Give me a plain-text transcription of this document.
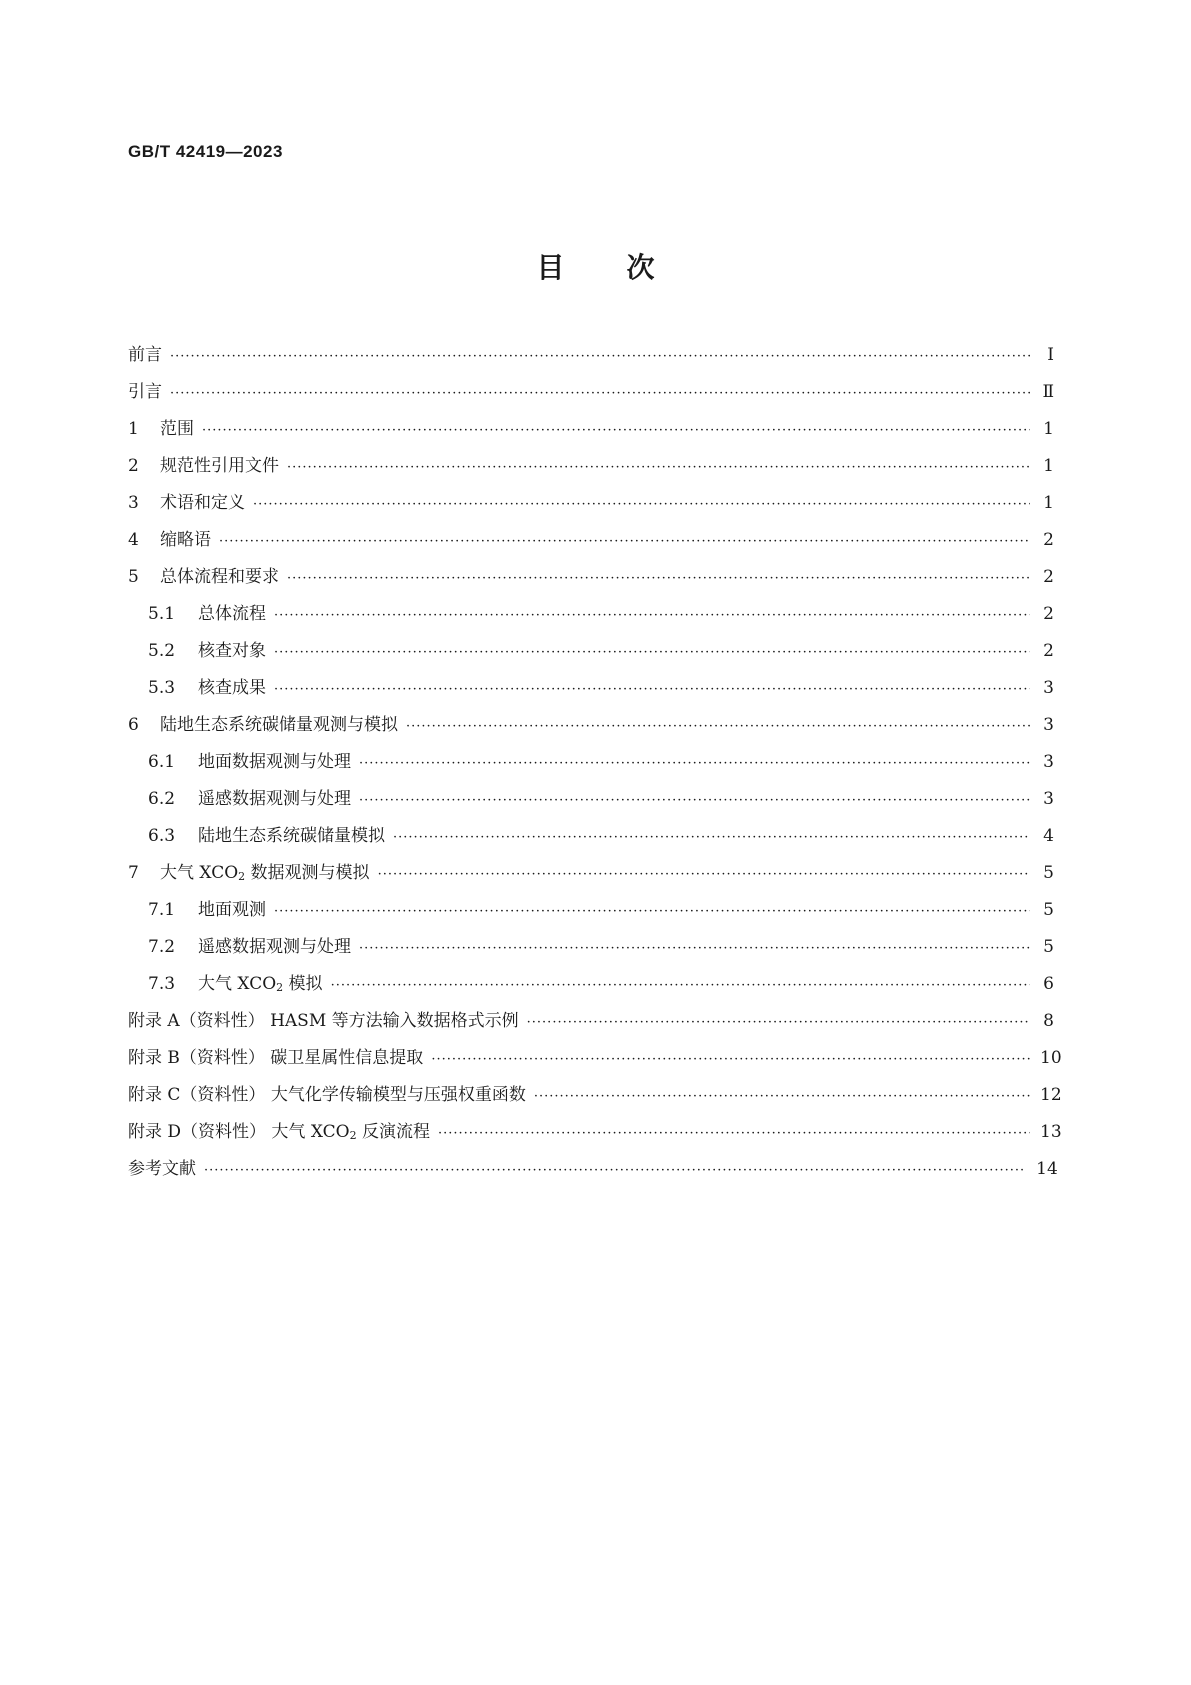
GB/T 42419—2023
目 次
前言 ·····	Ⅰ
引言 ·····	Ⅱ
1	范围 ·····	1
2	规范性引用文件 ·····	1
3	术语和定义 ·····	1
4	缩略语 ·····	2
5	总体流程和要求 ·····	2
5.1	总体流程 ·····	2
5.2	核查对象 ·····	2
5.3	核查成果 ·····	3
6	陆地生态系统碳储量观测与模拟 ·····	3
6.1	地面数据观测与处理 ·····	3
6.2	遥感数据观测与处理 ·····	3
6.3	陆地生态系统碳储量模拟 ·····	4
7	大气 $XCO_2$ 数据观测与模拟 ·····	5
7.1	地面观测 ·····	5
7.2	遥感数据观测与处理 ·····	5
7.3	大气 $XCO_2$ 模拟 ·····	6
附录 A（资料性） HASM 等方法输入数据格式示例 ·····	8
附录 B（资料性） 碳卫星属性信息提取 ·····	10
附录 C（资料性） 大气化学传输模型与压强权重函数 ·····	12
附录 D（资料性） 大气 $XCO_2$ 反演流程 ·····	13
参考文献 ·····	14
